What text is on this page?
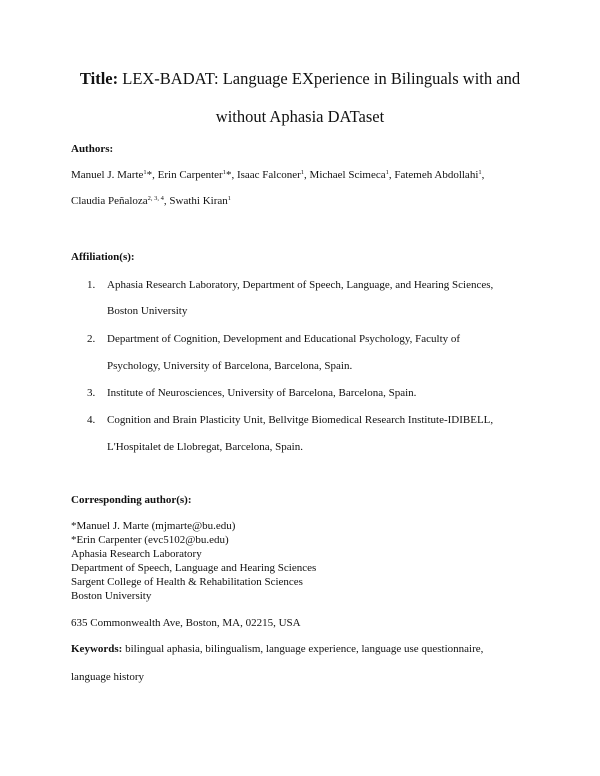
Title: LEX-BADAT: Language EXperience in Bilinguals with and
without Aphasia DATaset
Authors:
Manuel J. Marte$^1$*, Erin Carpenter$^1$*, Isaac Falconer$^1$, Michael Scimeca$^1$, Fatemeh Abdollahi$^1$,
Claudia Peñaloza$^{2, 3, 4}$, Swathi Kiran$^1$
Affiliation(s):
1. Aphasia Research Laboratory, Department of Speech, Language, and Hearing Sciences,
Boston University
2. Department of Cognition, Development and Educational Psychology, Faculty of
Psychology, University of Barcelona, Barcelona, Spain.
3. Institute of Neurosciences, University of Barcelona, Barcelona, Spain.
4. Cognition and Brain Plasticity Unit, Bellvitge Biomedical Research Institute-IDIBELL,
L'Hospitalet de Llobregat, Barcelona, Spain.
Corresponding author(s):
*Manuel J. Marte (mjmarte@bu.edu)
*Erin Carpenter (evc5102@bu.edu)
Aphasia Research Laboratory
Department of Speech, Language and Hearing Sciences
Sargent College of Health & Rehabilitation Sciences
Boston University
635 Commonwealth Ave, Boston, MA, 02215, USA
Keywords: bilingual aphasia, bilingualism, language experience, language use questionnaire,
language history
